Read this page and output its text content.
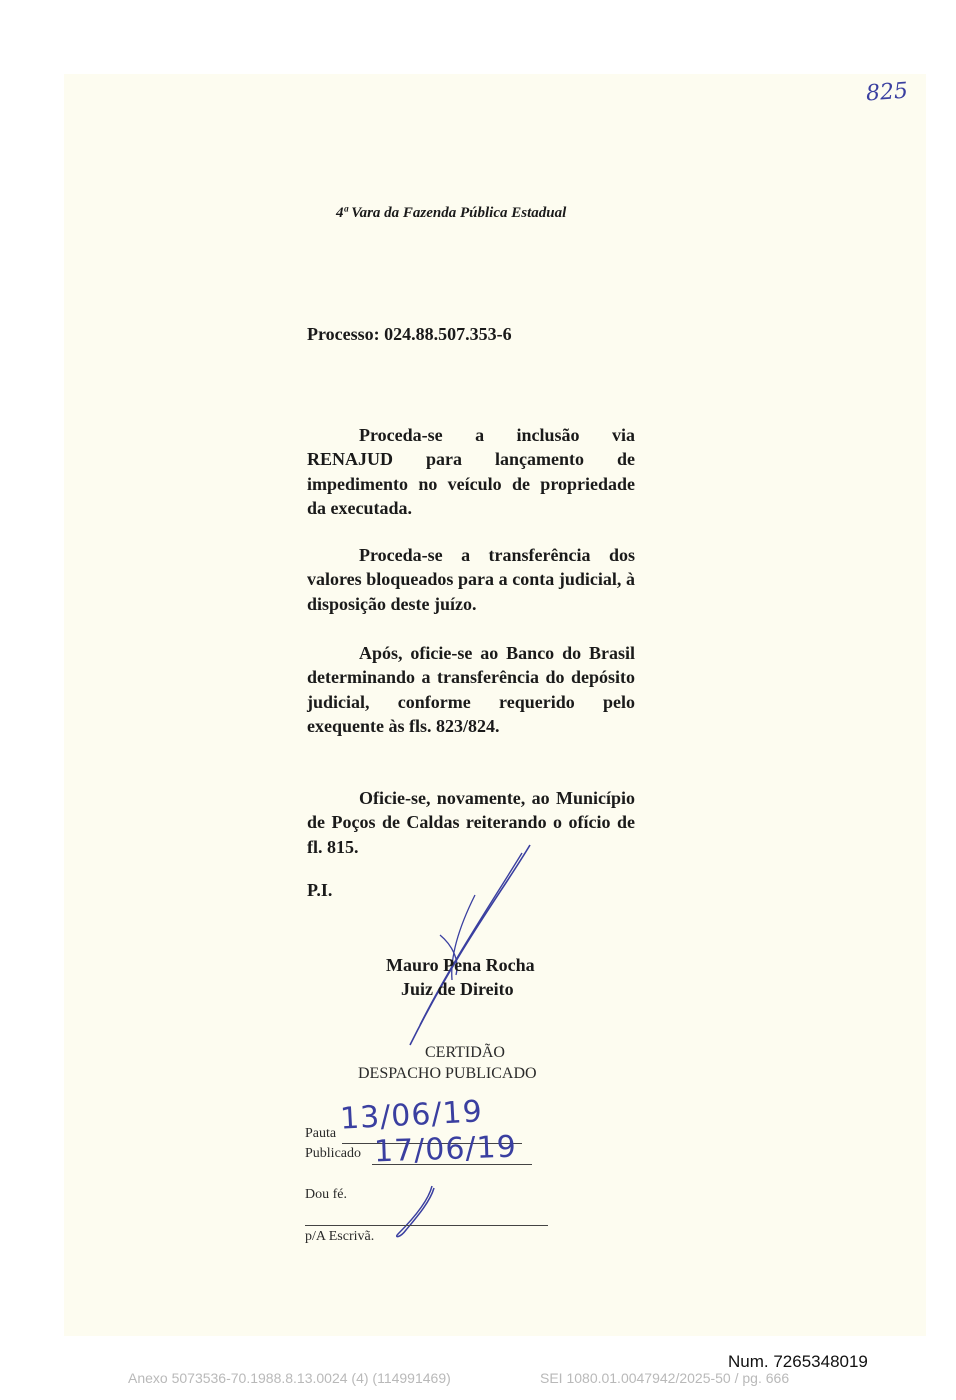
825
4ª Vara da Fazenda Pública Estadual
Processo: 024.88.507.353-6
Proceda-se a inclusão via RENAJUD para lançamento de impedimento no veículo de propriedade da executada.
Proceda-se a transferência dos valores bloqueados para a conta judicial, à disposição deste juízo.
Após, oficie-se ao Banco do Brasil determinando a transferência do depósito judicial, conforme requerido pelo exequente às fls. 823/824.
Oficie-se, novamente, ao Município de Poços de Caldas reiterando o ofício de fl. 815.
P.I.
Mauro Pena Rocha
Juiz de Direito
CERTIDÃO
DESPACHO PUBLICADO
Pauta 13/06/19
Publicado 17/06/19
Dou fé.
p/A Escrivã.
Num. 7265348019
Anexo 5073536-70.1988.8.13.0024 (4) (114991469)	SEI 1080.01.0047942/2025-50 / pg. 666
